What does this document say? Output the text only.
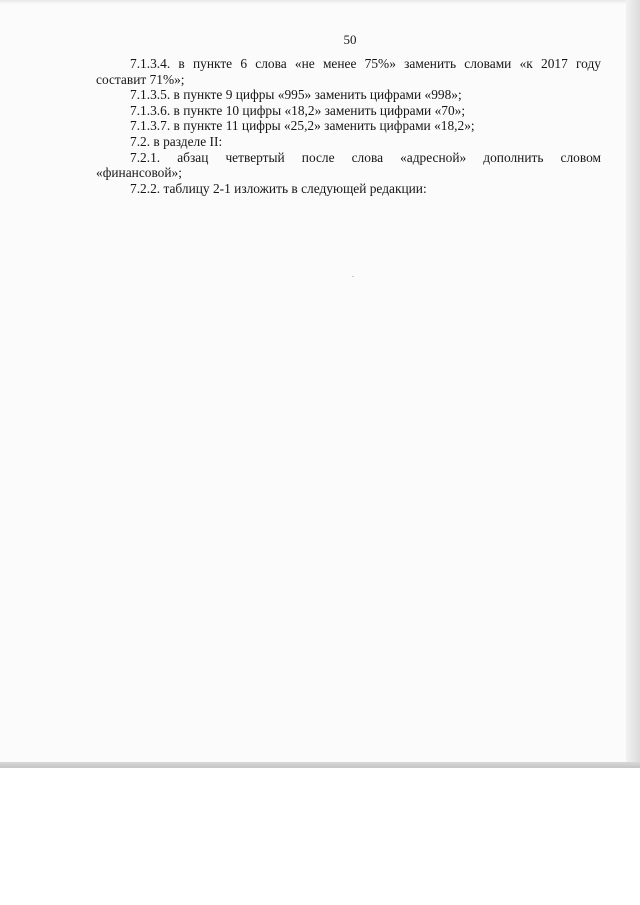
50

7.1.3.4. в пункте 6 слова «не менее 75%» заменить словами «к 2017 году
составит 71%»;

7.1.3.5. в пункте 9 цифры «995» заменить цифрами «998»;

7.1.3.6. в пункте 10 цифры «18,2» заменить цифрами «70»;

7.1.3.7. в пункте 11 цифры «25,2» заменить цифрами «18,2»;

7.2. в разделе II:

7.2.1. абзац четвертый после слова «адресной» дополнить словом
«финансовой»;

7.2.2. таблицу 2-1 изложить в следующей редакции:
